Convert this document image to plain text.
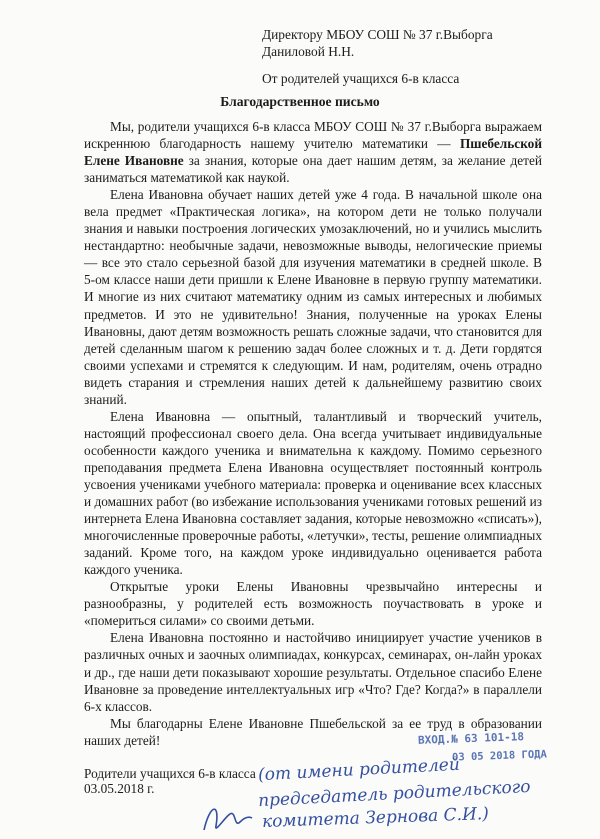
Директору МБОУ СОШ № 37 г.Выборга
Даниловой Н.Н.
От родителей учащихся 6-в класса
Благодарственное письмо

Мы, родители учащихся 6-в класса МБОУ СОШ № 37 г.Выборга выражаем искреннюю благодарность нашему учителю математики — Пшебельской Елене Ивановне за знания, которые она дает нашим детям, за желание детей заниматься математикой как наукой.

Елена Ивановна обучает наших детей уже 4 года. В начальной школе она вела предмет «Практическая логика», на котором дети не только получали знания и навыки построения логических умозаключений, но и учились мыслить нестандартно: необычные задачи, невозможные выводы, нелогические приемы — все это стало серьезной базой для изучения математики в средней школе. В 5-ом классе наши дети пришли к Елене Ивановне в первую группу математики. И многие из них считают математику одним из самых интересных и любимых предметов. И это не удивительно! Знания, полученные на уроках Елены Ивановны, дают детям возможность решать сложные задачи, что становится для детей сделанным шагом к решению задач более сложных и т. д. Дети гордятся своими успехами и стремятся к следующим. И нам, родителям, очень отрадно видеть старания и стремления наших детей к дальнейшему развитию своих знаний.

Елена Ивановна — опытный, талантливый и творческий учитель, настоящий профессионал своего дела. Она всегда учитывает индивидуальные особенности каждого ученика и внимательна к каждому. Помимо серьезного преподавания предмета Елена Ивановна осуществляет постоянный контроль усвоения учениками учебного материала: проверка и оценивание всех классных и домашних работ (во избежание использования учениками готовых решений из интернета Елена Ивановна составляет задания, которые невозможно «списать»), многочисленные проверочные работы, «летучки», тесты, решение олимпиадных заданий. Кроме того, на каждом уроке индивидуально оценивается работа каждого ученика.

Открытые уроки Елены Ивановны чрезвычайно интересны и разнообразны, у родителей есть возможность поучаствовать в уроке и «помериться силами» со своими детьми.

Елена Ивановна постоянно и настойчиво инициирует участие учеников в различных очных и заочных олимпиадах, конкурсах, семинарах, он-лайн уроках и др., где наши дети показывают хорошие результаты. Отдельное спасибо Елене Ивановне за проведение интеллектуальных игр «Что? Где? Когда?» в параллели 6-х классов.

Мы благодарны Елене Ивановне Пшебельской за ее труд в образовании наших детей!

Родители учащихся 6-в класса
03.05.2018 г.
ВХОД.№ 63 101-18
03 05 2018 ГОДА
(от имени родителей
председатель родительского
комитета Зернова С.И.)
